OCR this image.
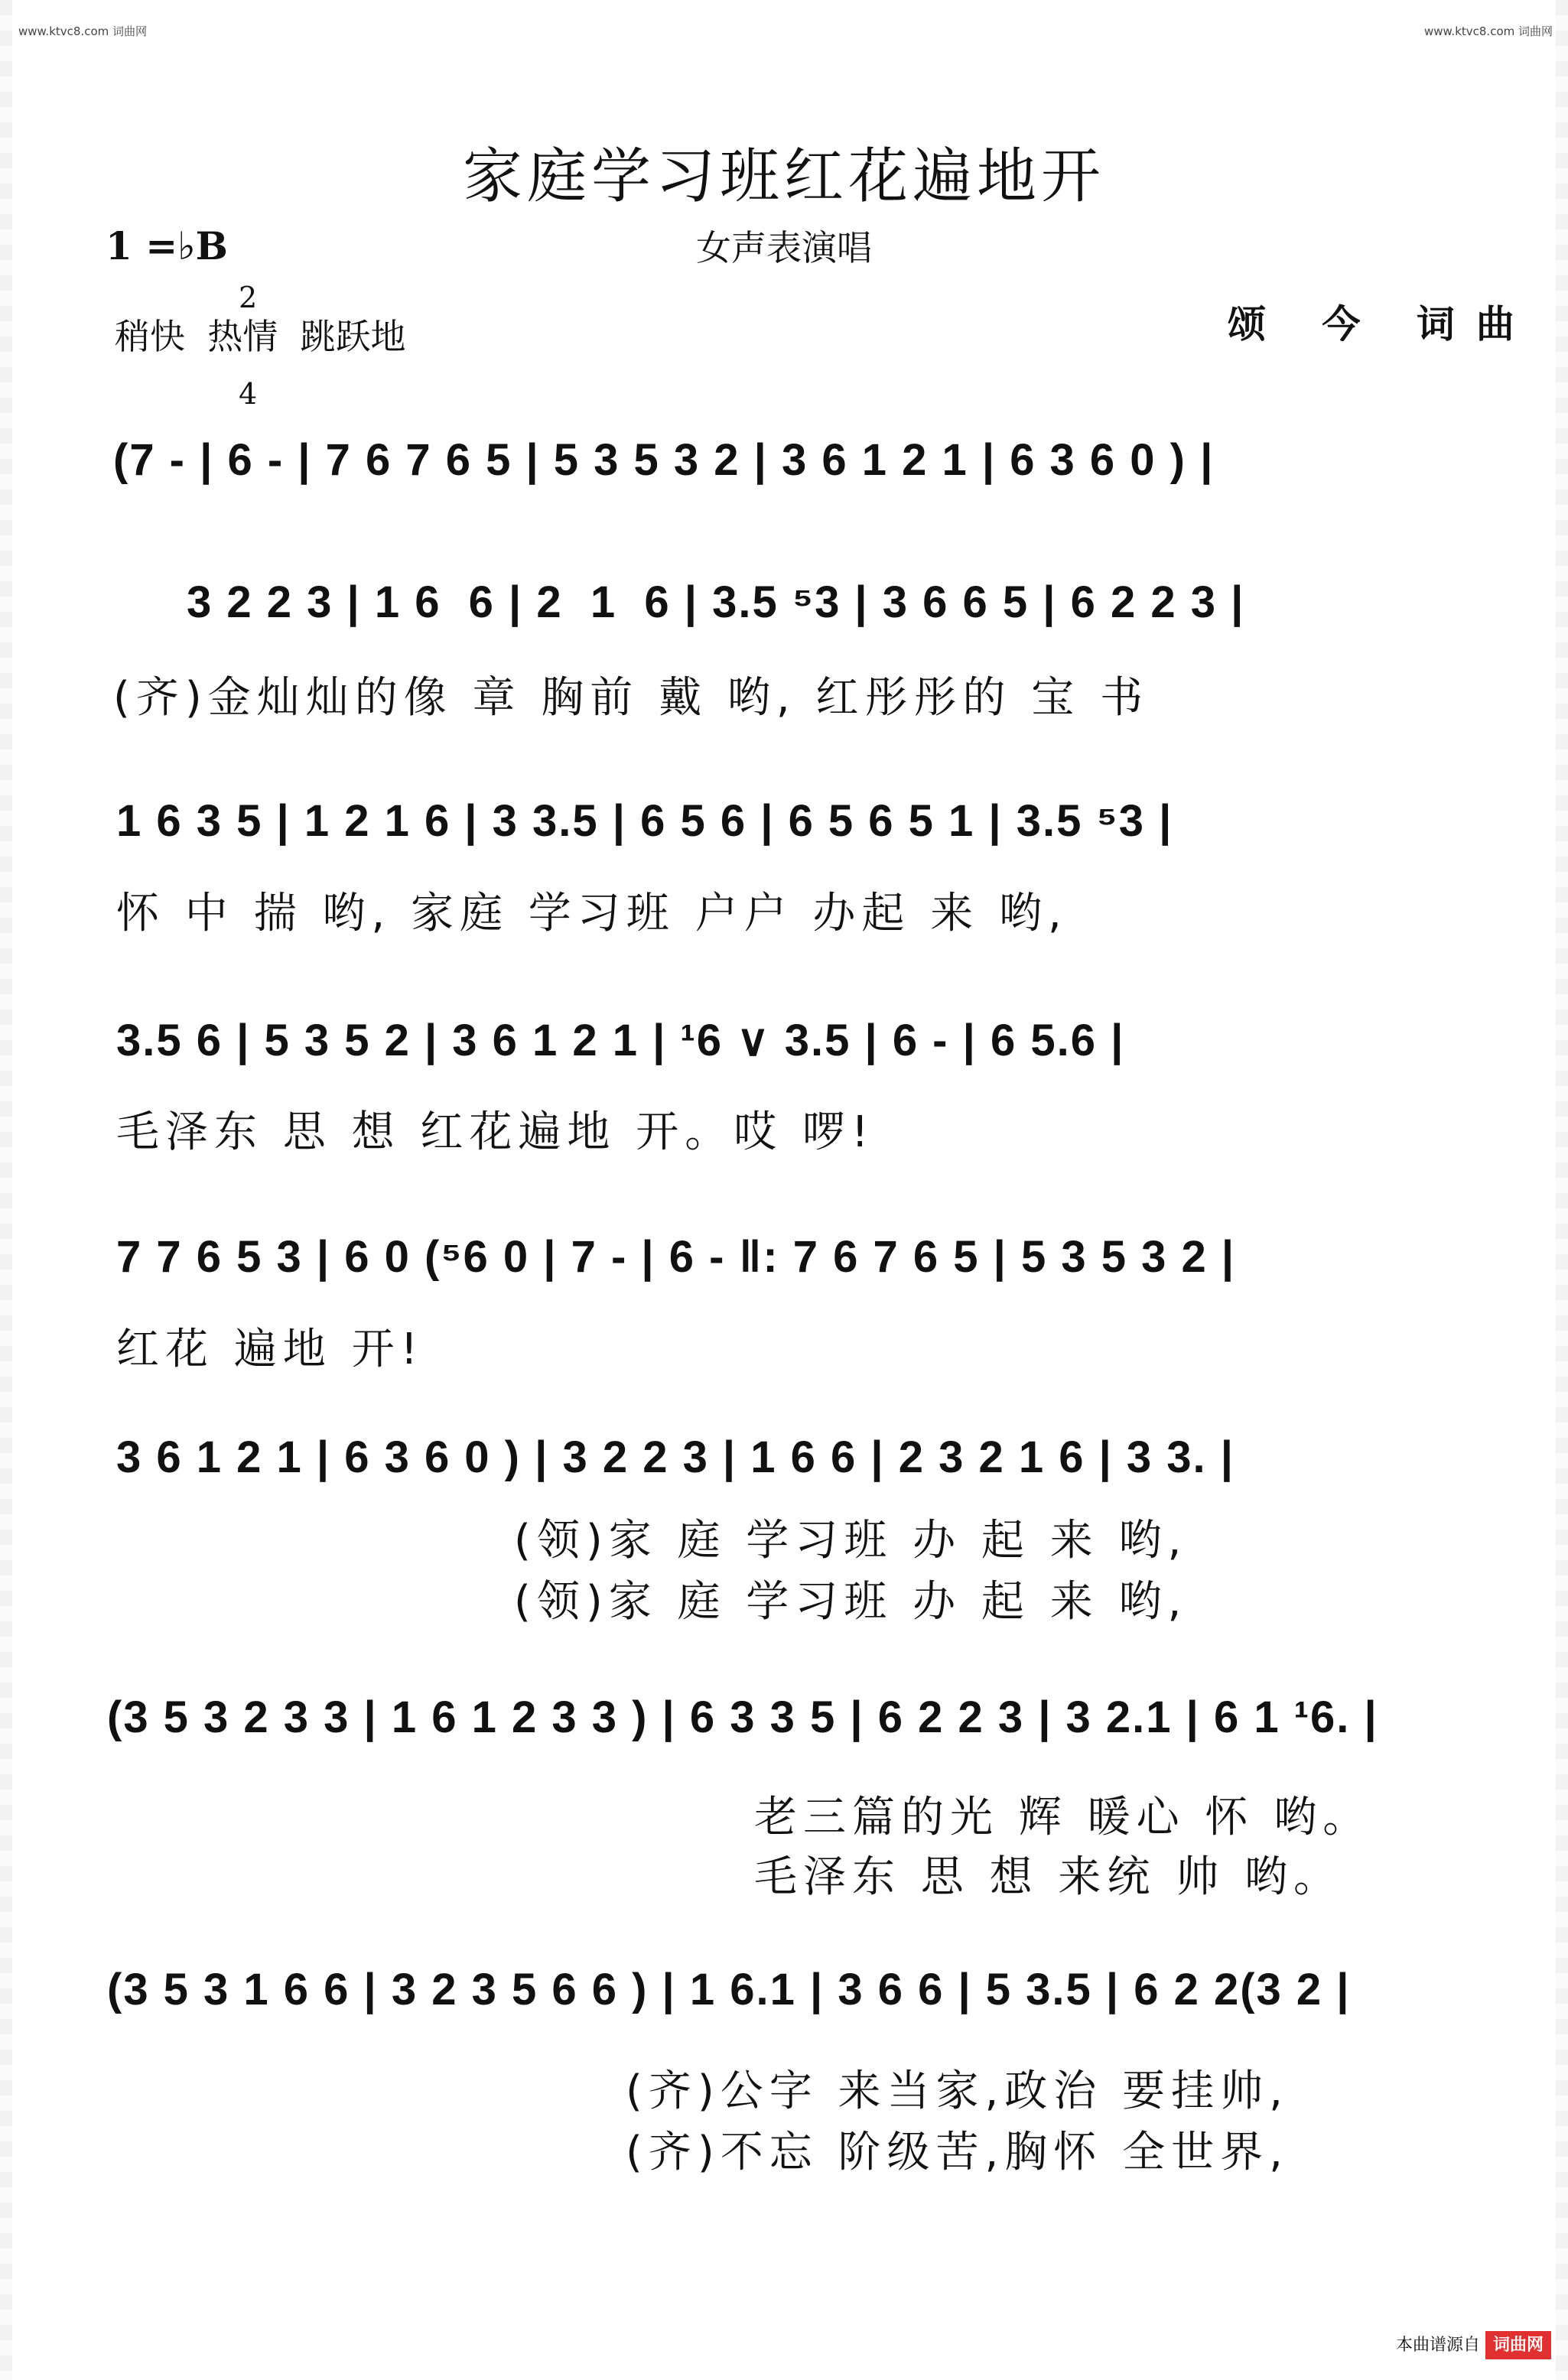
www.ktvc8.com 词曲网	www.ktvc8.com 词曲网
家庭学习班红花遍地开
1 =♭B

2

4

女声表演唱
稍快  热情  跳跃地	颂 今 词曲
(7 - | 6 - | 7 6 7 6 5 | 5 3 5 3 2 | 3 6 1 2 1 | 6 3 6 0 ) |
3 2 2 3 | 1 6  6 | 2  1  6 | 3.5 ⁵3 | 3 6 6 5 | 6 2 2 3 |
(齐)金灿灿的像 章 胸前 戴 哟, 红彤彤的 宝 书
1 6 3 5 | 1 2 1 6 | 3 3.5 | 6 5 6 | 6 5 6 5 1 | 3.5 ⁵3 |
怀 中 揣 哟, 家庭 学习班 户户 办起 来 哟,
3.5 6 | 5 3 5 2 | 3 6 1 2 1 | ¹6 ∨ 3.5 | 6 - | 6 5.6 |
毛泽东 思 想 红花遍地 开。哎 啰!
7 7 6 5 3 | 6 0 (⁵6 0 | 7 - | 6 - ‖: 7 6 7 6 5 | 5 3 5 3 2 |
红花 遍地 开!
3 6 1 2 1 | 6 3 6 0 ) | 3 2 2 3 | 1 6 6 | 2 3 2 1 6 | 3 3. |
(领)家 庭 学习班 办 起 来 哟,
(领)家 庭 学习班 办 起 来 哟,
(3 5 3 2 3 3 | 1 6 1 2 3 3 ) | 6 3 3 5 | 6 2 2 3 | 3 2.1 | 6 1 ¹6. |
老三篇的光 辉 暖心 怀 哟。
毛泽东 思 想 来统 帅 哟。
(3 5 3 1 6 6 | 3 2 3 5 6 6 ) | 1 6.1 | 3 6 6 | 5 3.5 | 6 2 2(3 2 |
(齐)公字 来当家,政治 要挂帅,
(齐)不忘 阶级苦,胸怀 全世界,
本曲谱源自 词曲网
